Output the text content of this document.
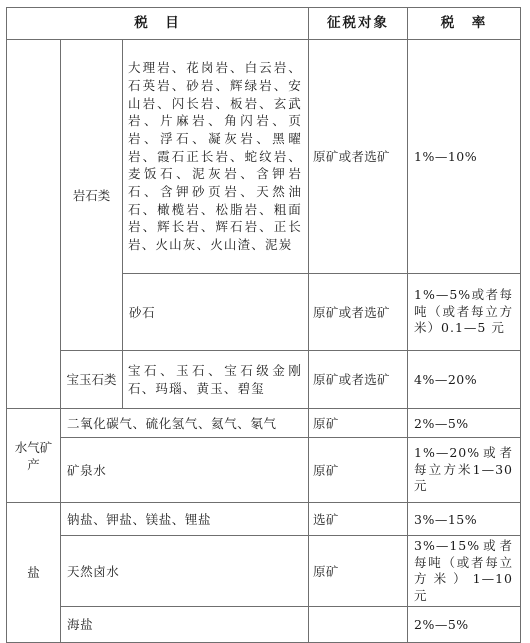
税　目			征税对象	税　率
	岩石类	大理岩、花岗岩、白云岩、石英岩、砂岩、辉绿岩、安山岩、闪长岩、板岩、玄武岩、片麻岩、角闪岩、页岩、浮石、凝灰岩、黑曜岩、霞石正长岩、蛇纹岩、麦饭石、泥灰岩、含钾岩石、含钾砂页岩、天然油石、橄榄岩、松脂岩、粗面岩、辉长岩、辉石岩、正长岩、火山灰、火山渣、泥炭	原矿或者选矿	1%—10%
		砂石	原矿或者选矿	1%—5%或者每吨（或者每立方米）0.1—5 元
	宝玉石类	宝石、玉石、宝石级金刚石、玛瑙、黄玉、碧玺	原矿或者选矿	4%—20%
水气矿产	二氧化碳气、硫化氢气、氦气、氡气		原矿	2%—5%
	矿泉水		原矿	1%—20%或者每立方米1—30 元
盐	钠盐、钾盐、镁盐、锂盐		选矿	3%—15%
	天然卤水		原矿	3%—15%或者每吨（或者每立方米）1—10 元
	海盐			2%—5%
